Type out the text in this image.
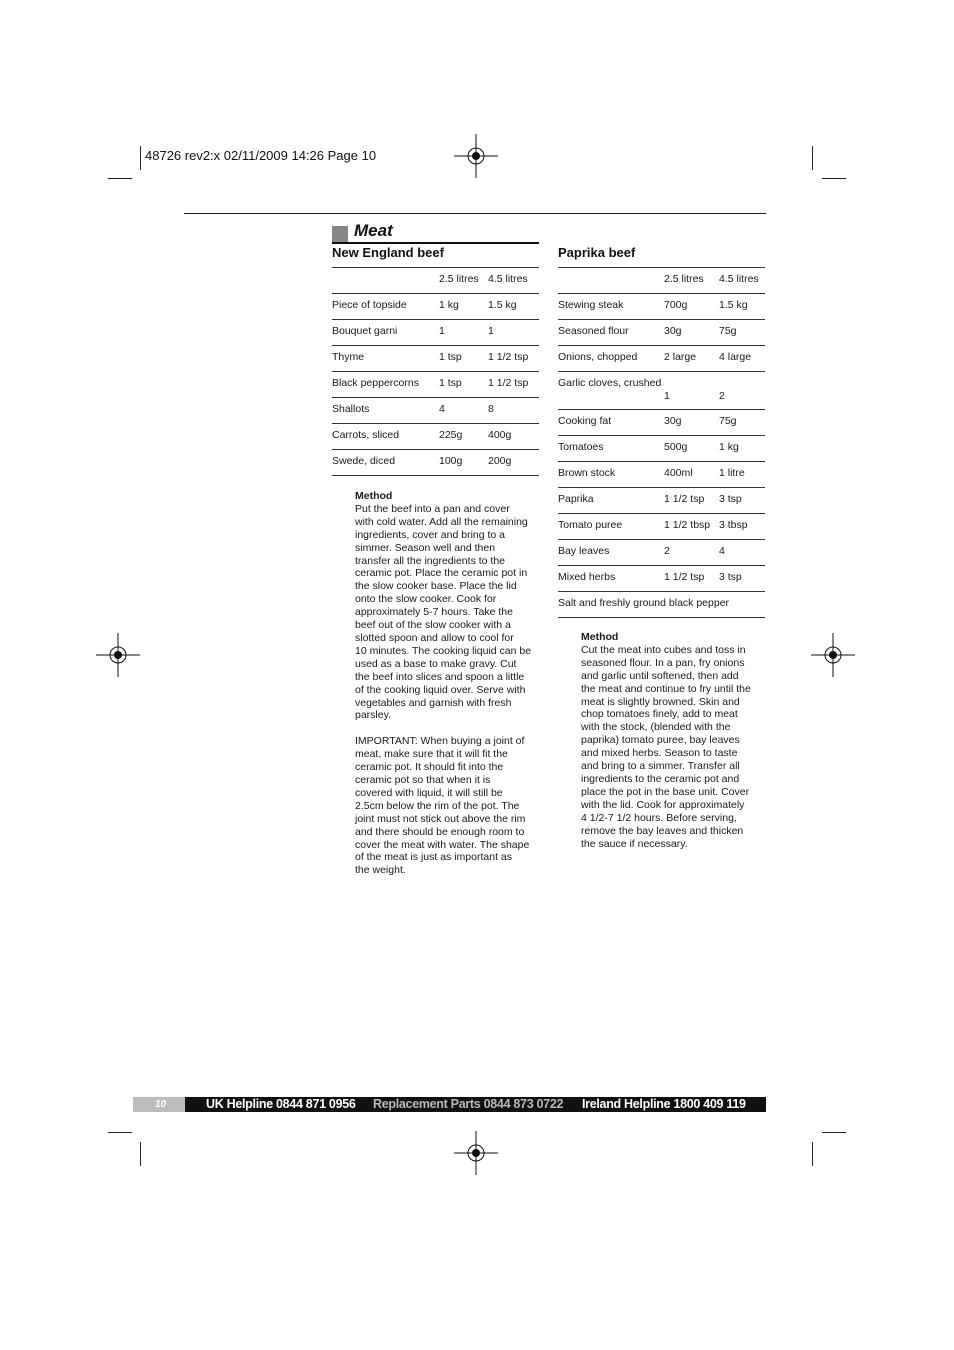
48726 rev2:x 02/11/2009 14:26 Page 10
Meat
New England beef

	2.5 litres	4.5 litres

Piece of topside	1 kg	1.5 kg

Bouquet garni	1	1

Thyme	1 tsp	1 1/2 tsp

Black peppercorns	1 tsp	1 1/2 tsp

Shallots	4	8

Carrots, sliced	225g	400g

Swede, diced	100g	200g

Method

Put the beef into a pan and cover
with cold water. Add all the remaining
ingredients, cover and bring to a
simmer. Season well and then
transfer all the ingredients to the
ceramic pot. Place the ceramic pot in
the slow cooker base. Place the lid
onto the slow cooker. Cook for
approximately 5-7 hours. Take the
beef out of the slow cooker with a
slotted spoon and allow to cool for
10 minutes. The cooking liquid can be
used as a base to make gravy. Cut
the beef into slices and spoon a little
of the cooking liquid over. Serve with
vegetables and garnish with fresh
parsley.

IMPORTANT: When buying a joint of
meat, make sure that it will fit the
ceramic pot. It should fit into the
ceramic pot so that when it is
covered with liquid, it will still be
2.5cm below the rim of the pot. The
joint must not stick out above the rim
and there should be enough room to
cover the meat with water. The shape
of the meat is just as important as
the weight.

Paprika beef

	2.5 litres	4.5 litres

Stewing steak	700g	1.5 kg

Seasoned flour	30g	75g

Onions, chopped	2 large	4 large

Garlic cloves, crushed	1	2

Cooking fat	30g	75g

Tomatoes	500g	1 kg

Brown stock	400ml	1 litre

Paprika	1 1/2 tsp	3 tsp

Tomato puree	1 1/2 tbsp	3 tbsp

Bay leaves	2	4

Mixed herbs	1 1/2 tsp	3 tsp

Salt and freshly ground black pepper		

Method

Cut the meat into cubes and toss in
seasoned flour. In a pan, fry onions
and garlic until softened, then add
the meat and continue to fry until the
meat is slightly browned. Skin and
chop tomatoes finely, add to meat
with the stock, (blended with the
paprika) tomato puree, bay leaves
and mixed herbs. Season to taste
and bring to a simmer. Transfer all
ingredients to the ceramic pot and
place the pot in the base unit. Cover
with the lid. Cook for approximately
4 1/2-7 1/2 hours. Before serving,
remove the bay leaves and thicken
the sauce if necessary.

10	UK Helpline 0844 871 0956 Replacement Parts 0844 873 0722 Ireland Helpline 1800 409 119
